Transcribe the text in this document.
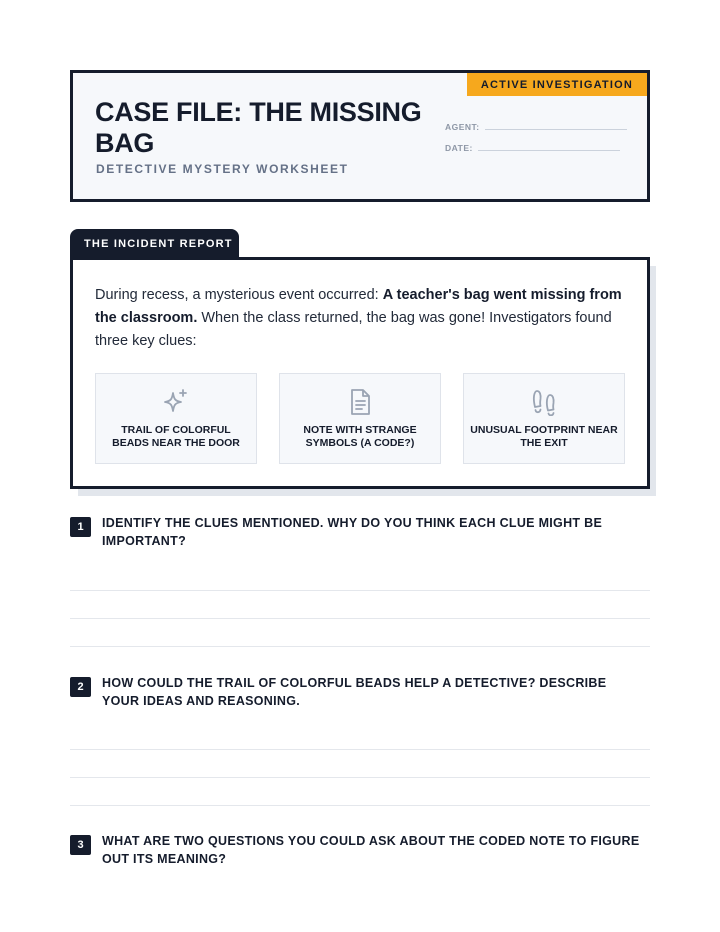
ACTIVE INVESTIGATION
CASE FILE: THE MISSING BAG
DETECTIVE MYSTERY WORKSHEET
AGENT:
DATE:
THE INCIDENT REPORT
During recess, a mysterious event occurred: A teacher's bag went missing from the classroom. When the class returned, the bag was gone! Investigators found three key clues:
TRAIL OF COLORFUL BEADS NEAR THE DOOR
NOTE WITH STRANGE SYMBOLS (A CODE?)
UNUSUAL FOOTPRINT NEAR THE EXIT
1	IDENTIFY THE CLUES MENTIONED. WHY DO YOU THINK EACH CLUE MIGHT BE IMPORTANT?
2	HOW COULD THE TRAIL OF COLORFUL BEADS HELP A DETECTIVE? DESCRIBE YOUR IDEAS AND REASONING.
3	WHAT ARE TWO QUESTIONS YOU COULD ASK ABOUT THE CODED NOTE TO FIGURE OUT ITS MEANING?
